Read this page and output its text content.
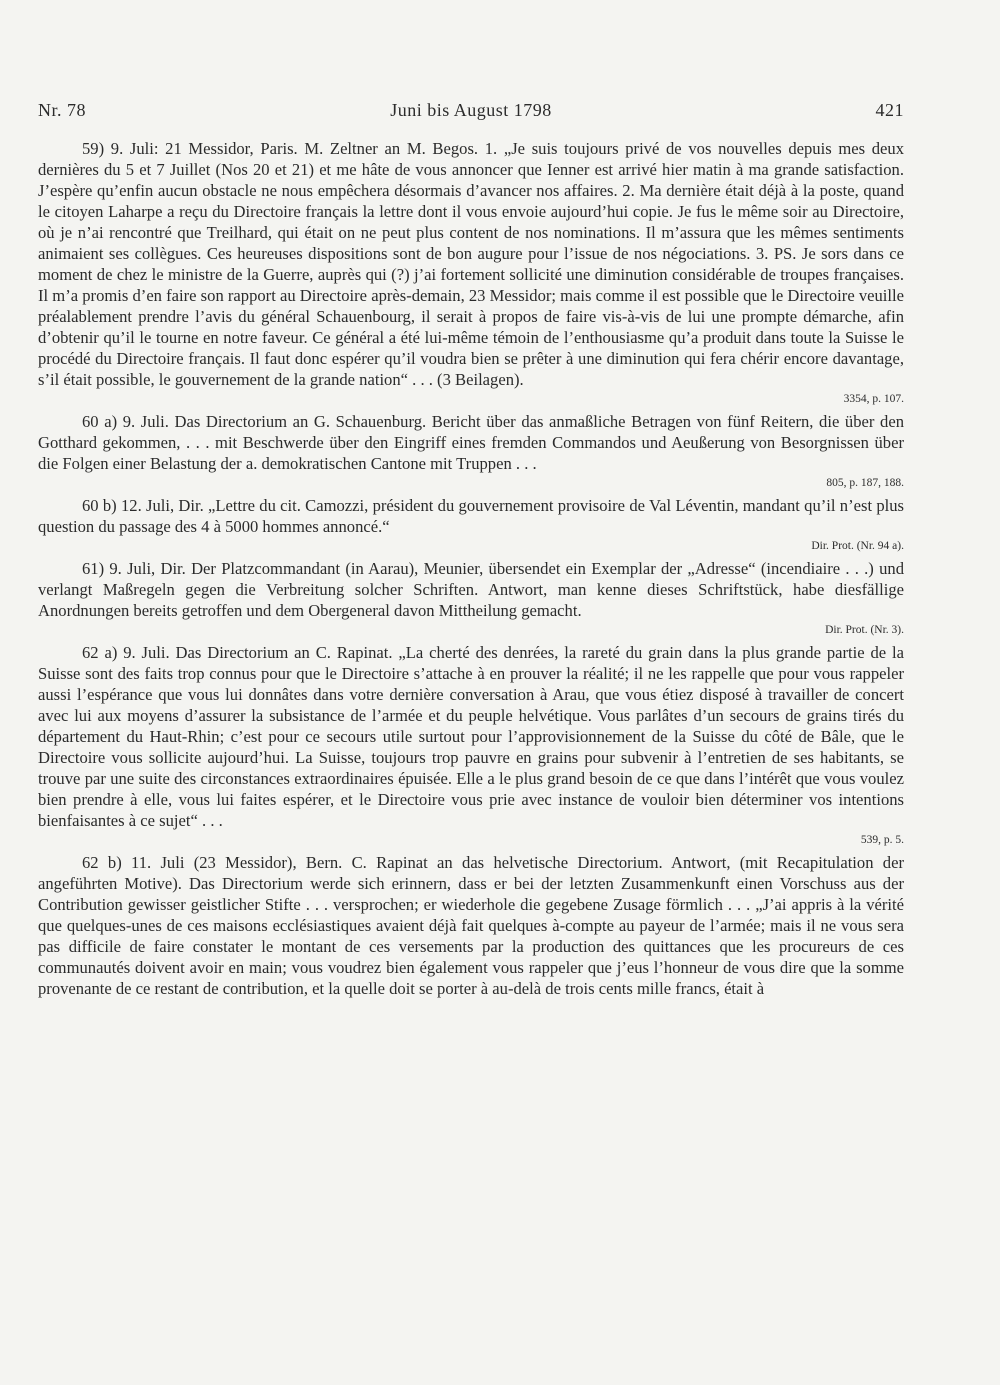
Nr. 78	Juni bis August 1798	421

59) 9. Juli: 21 Messidor, Paris. M. Zeltner an M. Begos. 1. „Je suis toujours privé de vos nouvelles depuis mes deux dernières du 5 et 7 Juillet (Nos 20 et 21) et me hâte de vous annoncer que Ienner est arrivé hier matin à ma grande satisfaction. J’espère qu’enfin aucun obstacle ne nous empêchera désormais d’avancer nos affaires. 2. Ma dernière était déjà à la poste, quand le citoyen Laharpe a reçu du Directoire français la lettre dont il vous envoie aujourd’hui copie. Je fus le même soir au Directoire, où je n’ai rencontré que Treilhard, qui était on ne peut plus content de nos nominations. Il m’assura que les mêmes sentiments animaient ses collègues. Ces heureuses dispositions sont de bon augure pour l’issue de nos négociations. 3. PS. Je sors dans ce moment de chez le ministre de la Guerre, auprès qui (?) j’ai fortement sollicité une diminution considérable de troupes françaises. Il m’a promis d’en faire son rapport au Directoire après-demain, 23 Messidor; mais comme il est possible que le Directoire veuille préalablement prendre l’avis du général Schauenbourg, il serait à propos de faire vis-à-vis de lui une prompte démarche, afin d’obtenir qu’il le tourne en notre faveur. Ce général a été lui-même témoin de l’enthousiasme qu’a produit dans toute la Suisse le procédé du Directoire français. Il faut donc espérer qu’il voudra bien se prêter à une diminution qui fera chérir encore davantage, s’il était possible, le gouvernement de la grande nation“ . . . (3 Beilagen).
3354, p. 107.

60 a) 9. Juli. Das Directorium an G. Schauenburg. Bericht über das anmaßliche Betragen von fünf Reitern, die über den Gotthard gekommen, . . . mit Beschwerde über den Eingriff eines fremden Commandos und Aeußerung von Besorgnissen über die Folgen einer Belastung der a. demokratischen Cantone mit Truppen . . .
805, p. 187, 188.

60 b) 12. Juli, Dir. „Lettre du cit. Camozzi, président du gouvernement provisoire de Val Léventin, mandant qu’il n’est plus question du passage des 4 à 5000 hommes annoncé.“
Dir. Prot. (Nr. 94 a).

61) 9. Juli, Dir. Der Platzcommandant (in Aarau), Meunier, übersendet ein Exemplar der „Adresse“ (incendiaire . . .) und verlangt Maßregeln gegen die Verbreitung solcher Schriften. Antwort, man kenne dieses Schriftstück, habe diesfällige Anordnungen bereits getroffen und dem Obergeneral davon Mittheilung gemacht.
Dir. Prot. (Nr. 3).

62 a) 9. Juli. Das Directorium an C. Rapinat. „La cherté des denrées, la rareté du grain dans la plus grande partie de la Suisse sont des faits trop connus pour que le Directoire s’attache à en prouver la réalité; il ne les rappelle que pour vous rappeler aussi l’espérance que vous lui donnâtes dans votre dernière conversation à Arau, que vous étiez disposé à travailler de concert avec lui aux moyens d’assurer la subsistance de l’armée et du peuple helvétique. Vous parlâtes d’un secours de grains tirés du département du Haut-Rhin; c’est pour ce secours utile surtout pour l’approvisionnement de la Suisse du côté de Bâle, que le Directoire vous sollicite aujourd’hui. La Suisse, toujours trop pauvre en grains pour subvenir à l’entretien de ses habitants, se trouve par une suite des circonstances extraordinaires épuisée. Elle a le plus grand besoin de ce que dans l’intérêt que vous voulez bien prendre à elle, vous lui faites espérer, et le Directoire vous prie avec instance de vouloir bien déterminer vos intentions bienfaisantes à ce sujet“ . . .
539, p. 5.

62 b) 11. Juli (23 Messidor), Bern. C. Rapinat an das helvetische Directorium. Antwort, (mit Recapitulation der angeführten Motive). Das Directorium werde sich erinnern, dass er bei der letzten Zusammenkunft einen Vorschuss aus der Contribution gewisser geistlicher Stifte . . . versprochen; er wiederhole die gegebene Zusage förmlich . . . „J’ai appris à la vérité que quelques-unes de ces maisons ecclésiastiques avaient déjà fait quelques à-compte au payeur de l’armée; mais il ne vous sera pas difficile de faire constater le montant de ces versements par la production des quittances que les procureurs de ces communautés doivent avoir en main; vous voudrez bien également vous rappeler que j’eus l’honneur de vous dire que la somme provenante de ce restant de contribution, et la quelle doit se porter à au-delà de trois cents mille francs, était à
